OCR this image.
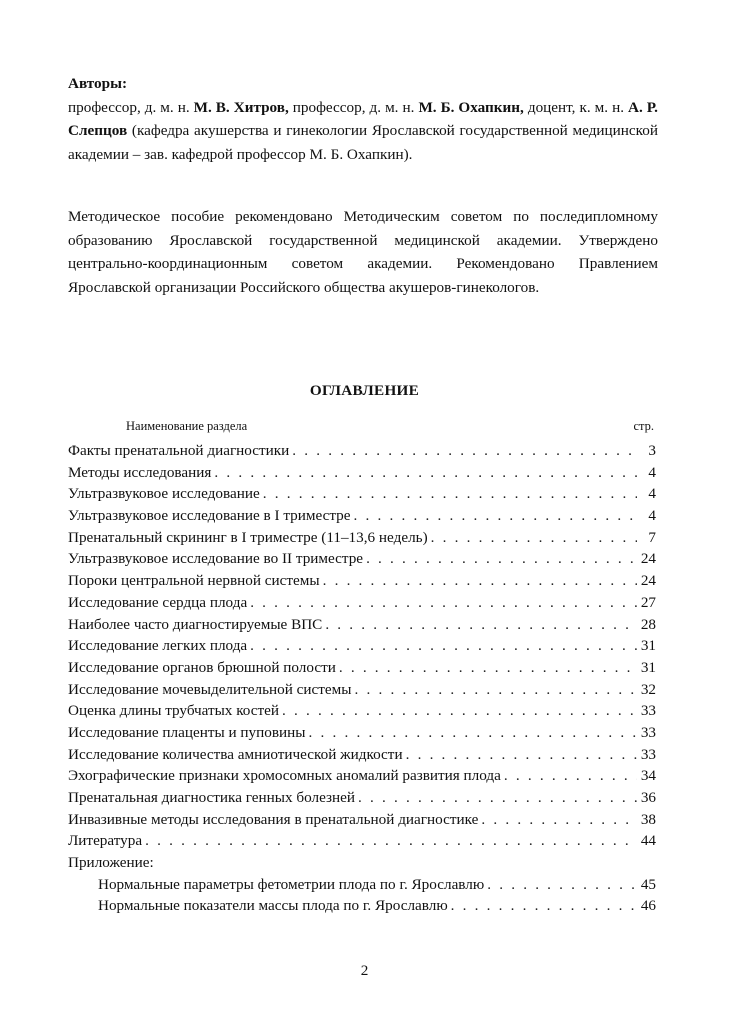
Авторы:
профессор, д. м. н. М. В. Хитров, профессор, д. м. н. М. Б. Охапкин, доцент, к. м. н. А. Р. Слепцов (кафедра акушерства и гинекологии Ярославской государственной медицинской академии – зав. кафедрой профессор М. Б. Охапкин).
Методическое пособие рекомендовано Методическим советом по последипломному образованию Ярославской государственной медицинской академии. Утверждено центрально-координационным советом академии. Рекомендовано Правлением Ярославской организации Российского общества акушеров-гинекологов.
ОГЛАВЛЕНИЕ
Наименование раздела	стр.
Факты пренатальной диагностики . . .	3
Методы исследования . . .	4
Ультразвуковое исследование . . .	4
Ультразвуковое исследование в I триместре . . .	4
Пренатальный скрининг в I триместре (11–13,6 недель) . . .	7
Ультразвуковое исследование во II триместре . . .	24
Пороки центральной нервной системы . . .	24
Исследование сердца плода . . .	27
Наиболее часто диагностируемые ВПС . . .	28
Исследование легких плода . . .	31
Исследование органов брюшной полости . . .	31
Исследование мочевыделительной системы . . .	32
Оценка длины трубчатых костей . . .	33
Исследование плаценты и пуповины . . .	33
Исследование количества амниотической жидкости . . .	33
Эхографические признаки хромосомных аномалий развития плода . . .	34
Пренатальная диагностика генных болезней . . .	36
Инвазивные методы исследования в пренатальной диагностике . . .	38
Литература . . .	44
Приложение:
Нормальные параметры фетометрии плода по г. Ярославлю . . .	45
Нормальные показатели массы плода по г. Ярославлю . . .	46
2
